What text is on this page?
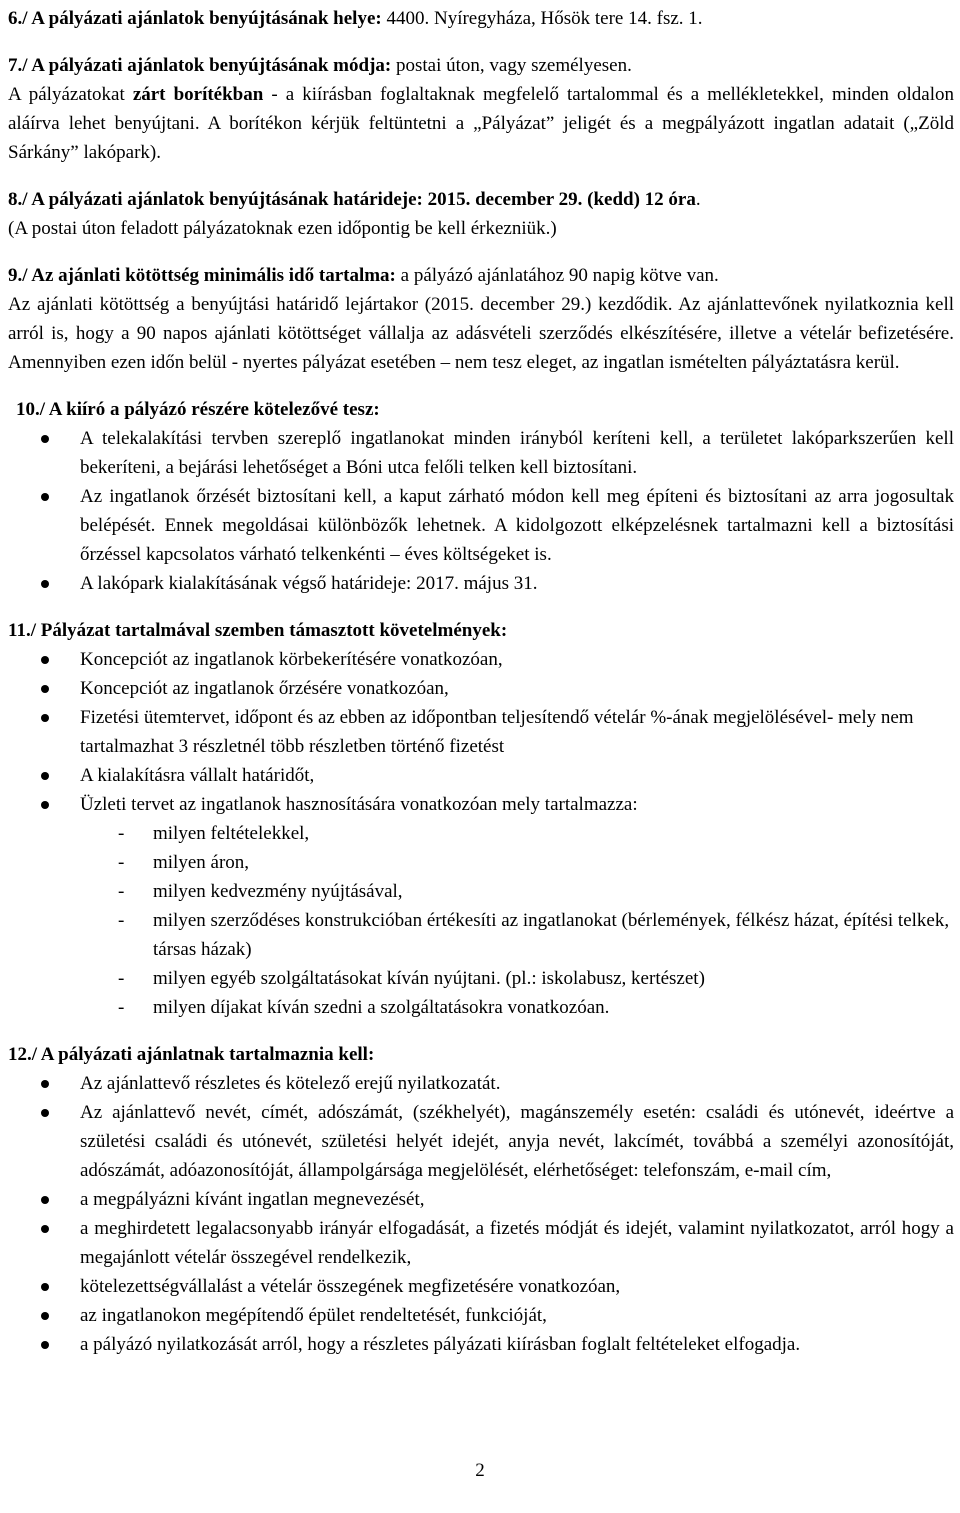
6./ A pályázati ajánlatok benyújtásának helye: 4400. Nyíregyháza, Hősök tere 14. fsz. 1.

7./ A pályázati ajánlatok benyújtásának módja: postai úton, vagy személyesen.

A pályázatokat zárt borítékban - a kiírásban foglaltaknak megfelelő tartalommal és a mellékletekkel, minden oldalon aláírva lehet benyújtani. A borítékon kérjük feltüntetni a „Pályázat” jeligét és a megpályázott ingatlan adatait („Zöld Sárkány” lakópark).

8./ A pályázati ajánlatok benyújtásának határideje: 2015. december 29. (kedd) 12 óra.

(A postai úton feladott pályázatoknak ezen időpontig be kell érkezniük.)

9./ Az ajánlati kötöttség minimális idő tartalma: a pályázó ajánlatához 90 napig kötve van.

Az ajánlati kötöttség a benyújtási határidő lejártakor (2015. december 29.) kezdődik. Az ajánlattevőnek nyilatkoznia kell arról is, hogy a 90 napos ajánlati kötöttséget vállalja az adásvételi szerződés elkészítésére, illetve a vételár befizetésére. Amennyiben ezen időn belül - nyertes pályázat esetében – nem tesz eleget, az ingatlan ismételten pályáztatásra kerül.

10./ A kiíró a pályázó részére kötelezővé tesz:

A telekalakítási tervben szereplő ingatlanokat minden irányból keríteni kell, a területet lakóparkszerűen kell bekeríteni, a bejárási lehetőséget a Bóni utca felőli telken kell biztosítani.
Az ingatlanok őrzését biztosítani kell, a kaput zárható módon kell meg építeni és biztosítani az arra jogosultak belépését. Ennek megoldásai különbözők lehetnek. A kidolgozott elképzelésnek tartalmazni kell a biztosítási őrzéssel kapcsolatos várható telkenkénti – éves költségeket is.
A lakópark kialakításának végső határideje: 2017. május 31.

11./ Pályázat tartalmával szemben támasztott követelmények:

Koncepciót az ingatlanok körbekerítésére vonatkozóan,
Koncepciót az ingatlanok őrzésére vonatkozóan,
Fizetési ütemtervet, időpont és az ebben az időpontban teljesítendő vételár %-ának megjelölésével- mely nem tartalmazhat 3 részletnél több részletben történő fizetést
A kialakításra vállalt határidőt,
Üzleti tervet az ingatlanok hasznosítására vonatkozóan mely tartalmazza:
- milyen feltételekkel,
- milyen áron,
- milyen kedvezmény nyújtásával,
- milyen szerződéses konstrukcióban értékesíti az ingatlanokat (bérlemények, félkész házat, építési telkek, társas házak)
- milyen egyéb szolgáltatásokat kíván nyújtani. (pl.: iskolabusz, kertészet)
- milyen díjakat kíván szedni a szolgáltatásokra vonatkozóan.

12./ A pályázati ajánlatnak tartalmaznia kell:

Az ajánlattevő részletes és kötelező erejű nyilatkozatát.
Az ajánlattevő nevét, címét, adószámát, (székhelyét), magánszemély esetén: családi és utónevét, ideértve a születési családi és utónevét, születési helyét idejét, anyja nevét, lakcímét, továbbá a személyi azonosítóját, adószámát, adóazonosítóját, állampolgársága megjelölését, elérhetőséget: telefonszám, e-mail cím,
a megpályázni kívánt ingatlan megnevezését,
a meghirdetett legalacsonyabb irányár elfogadását, a fizetés módját és idejét, valamint nyilatkozatot, arról hogy a megajánlott vételár összegével rendelkezik,
kötelezettségvállalást a vételár összegének megfizetésére vonatkozóan,
az ingatlanokon megépítendő épület rendeltetését, funkcióját,
a pályázó nyilatkozását arról, hogy a részletes pályázati kiírásban foglalt feltételeket elfogadja.
2
